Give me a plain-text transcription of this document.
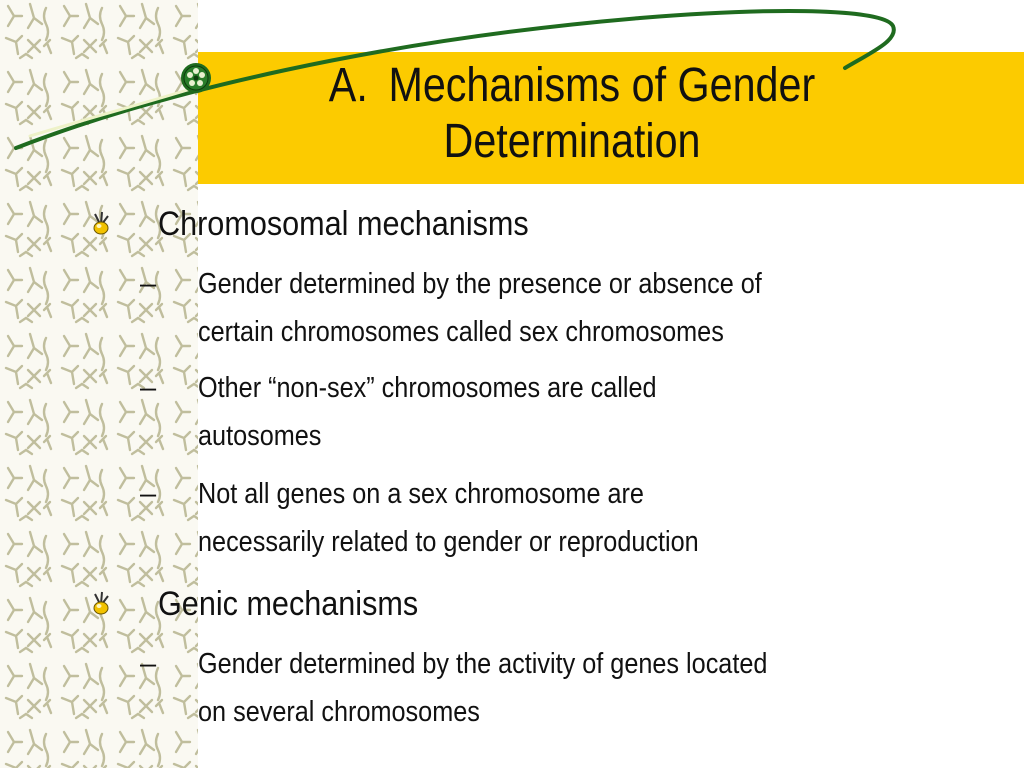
A. Mechanisms of Gender
Determination
Chromosomal mechanisms
– Gender determined by the presence or absence of
certain chromosomes called sex chromosomes
– Other “non-sex” chromosomes are called
autosomes
– Not all genes on a sex chromosome are
necessarily related to gender or reproduction
Genic mechanisms
– Gender determined by the activity of genes located
on several chromosomes
